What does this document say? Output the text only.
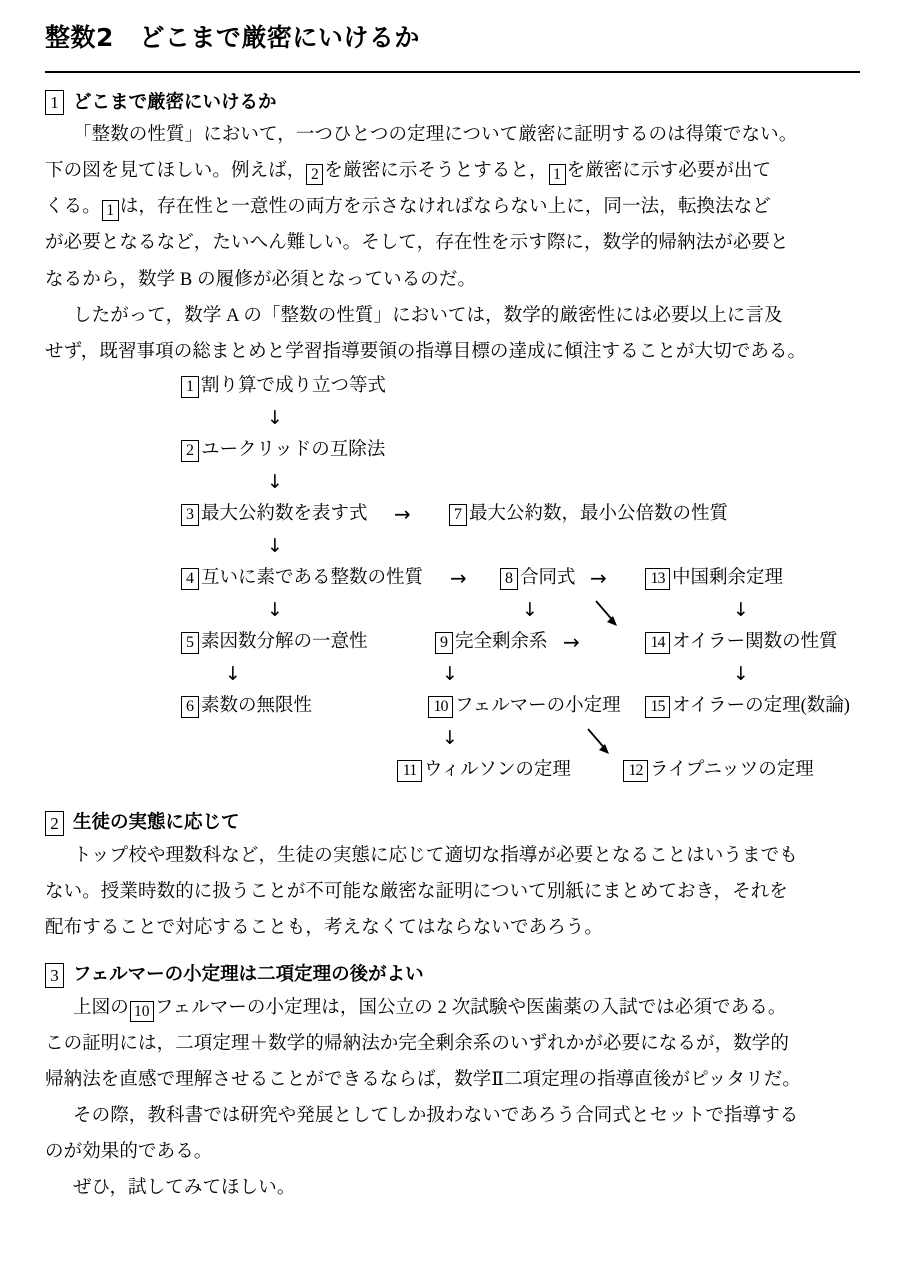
整数2　どこまで厳密にいけるか
1 どこまで厳密にいけるか
「整数の性質」において，一つひとつの定理について厳密に証明するのは得策でない。
下の図を見てほしい。例えば， 2 を厳密に示そうとすると， 1 を厳密に示す必要が出て
くる。 1 は，存在性と一意性の両方を示さなければならない上に，同一法，転換法など
が必要となるなど，たいへん難しい。そして，存在性を示す際に，数学的帰納法が必要と
なるから，数学 B の履修が必須となっているのだ。
したがって，数学 A の「整数の性質」においては，数学的厳密性には必要以上に言及
せず，既習事項の総まとめと学習指導要領の指導目標の達成に傾注することが大切である。
1 割り算で成り立つ等式
2 ユークリッドの互除法
3 最大公約数を表す式	7 最大公約数，最小公倍数の性質
4 互いに素である整数の性質	8 合同式	13 中国剰余定理
5 素因数分解の一意性	9 完全剰余系	14 オイラー関数の性質
6 素数の無限性	10 フェルマーの小定理	15 オイラーの定理(数論)
11 ウィルソンの定理	12 ライプニッツの定理
↓
↓
→
↓
→	→
↓	↓	↓
↓	↓
→
↓
↓
2 生徒の実態に応じて
トップ校や理数科など，生徒の実態に応じて適切な指導が必要となることはいうまでも
ない。授業時数的に扱うことが不可能な厳密な証明について別紙にまとめておき，それを
配布することで対応することも，考えなくてはならないであろう。
3 フェルマーの小定理は二項定理の後がよい
上図の 10 フェルマーの小定理は，国公立の 2 次試験や医歯薬の入試では必須である。
この証明には，二項定理＋数学的帰納法か完全剰余系のいずれかが必要になるが，数学的
帰納法を直感で理解させることができるならば，数学Ⅱ二項定理の指導直後がピッタリだ。
その際，教科書では研究や発展としてしか扱わないであろう合同式とセットで指導する
のが効果的である。
ぜひ，試してみてほしい。
